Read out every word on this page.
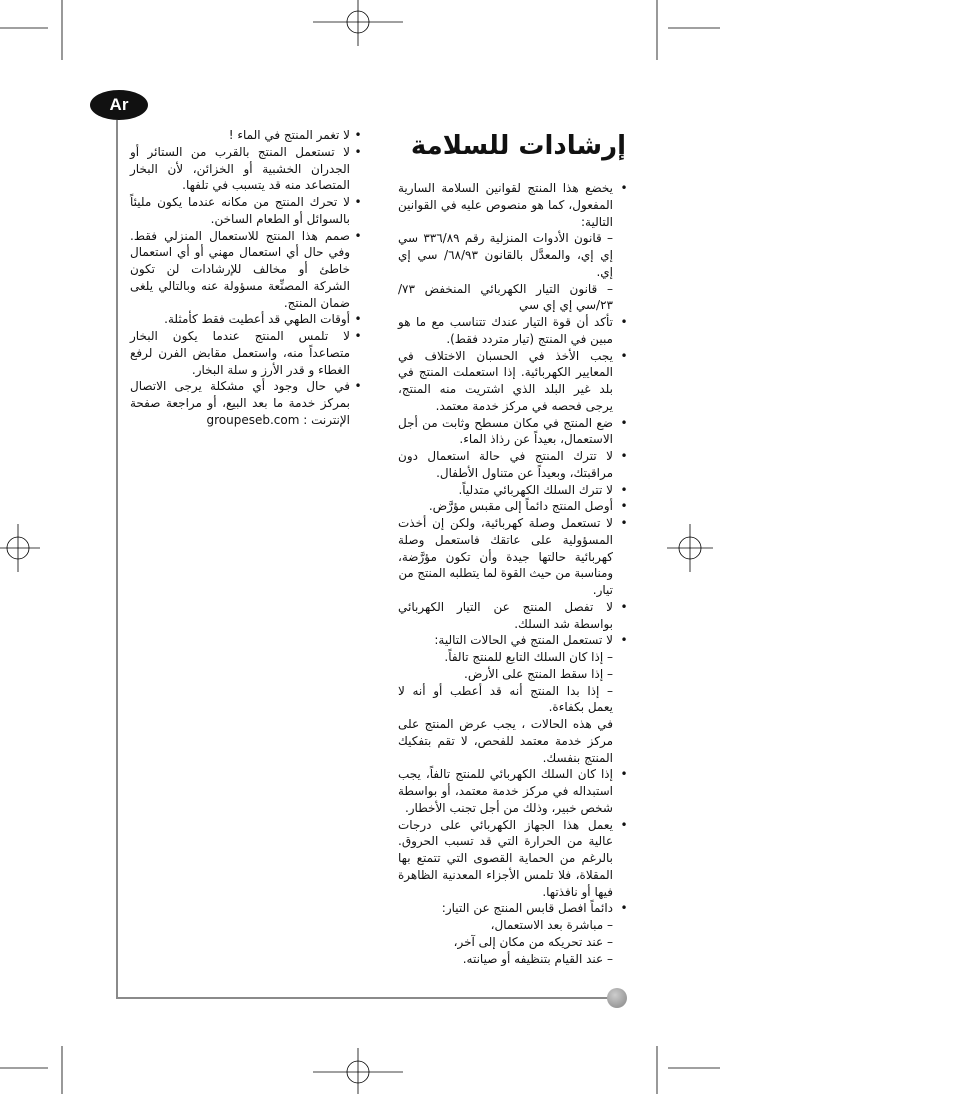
Ar
إرشادات للسلامة
•
يخضع هذا المنتج لقوانين السلامة السارية
المفعول، كما هو منصوص عليه في القوانين
التالية:
– قانون الأدوات المنزلية رقم ٣٣٦/٨٩ سي
إي إي، والمعدَّل بالقانون ٦٨/٩٣/ سي إي
إي.
– قانون التيار الكهربائي المنخفض ٧٣/
٢٣/سي إي إي سي
•
تأكد أن قوة التيار عندك تتناسب مع ما هو
مبين في المنتج (تيار متردد فقط).
•
يجب الأخذ في الحسبان الاختلاف في
المعايير الكهربائية. إذا استعملت المنتج في
بلد غير البلد الذي اشتريت منه المنتج،
يرجى فحصه في مركز خدمة معتمد.
•
ضع المنتج في مكان مسطح وثابت من أجل
الاستعمال، بعيداً عن رذاذ الماء.
•
لا تترك المنتج في حالة استعمال دون
مراقبتك، وبعيداً عن متناول الأطفال.
•
لا تترك السلك الكهربائي متدلياً.
•
أوصل المنتج دائماً إلى مقبس مؤرَّض.
•
لا تستعمل وصلة كهربائية، ولكن إن أخذت
المسؤولية على عاتقك فاستعمل وصلة
كهربائية حالتها جيدة وأن تكون مؤرَّضة،
ومناسبة من حيث القوة لما يتطلبه المنتج من
تيار.
•
لا تفصل المنتج عن التيار الكهربائي
بواسطة شد السلك.
•
لا تستعمل المنتج في الحالات التالية:
– إذا كان السلك التابع للمنتج تالفاً.
– إذا سقط المنتج على الأرض.
– إذا بدا المنتج أنه قد أعطب أو أنه لا
يعمل بكفاءة.
في هذه الحالات ، يجب عرض المنتج على
مركز خدمة معتمد للفحص، لا تقم بتفكيك
المنتج بنفسك.
•
إذا كان السلك الكهربائي للمنتج تالفاً، يجب
استبداله في مركز خدمة معتمد، أو بواسطة
شخص خبير، وذلك من أجل تجنب الأخطار.
•
يعمل هذا الجهاز الكهربائي على درجات
عالية من الحرارة التي قد تسبب الحروق.
بالرغم من الحماية القصوى التي تتمتع بها
المقلاة، فلا تلمس الأجزاء المعدنية الظاهرة
فيها أو نافذتها.
•
دائماً افصل قابس المنتج عن التيار:
– مباشرة بعد الاستعمال،
– عند تحريكه من مكان إلى آخر،
– عند القيام بتنظيفه أو صيانته.
•
لا تغمر المنتج في الماء !
•
لا تستعمل المنتج بالقرب من الستائر أو
الجدران الخشبية أو الخزائن، لأن البخار
المتصاعد منه قد يتسبب في تلفها.
•
لا تحرك المنتج من مكانه عندما يكون مليئاً
بالسوائل أو الطعام الساخن.
•
صمم هذا المنتج للاستعمال المنزلي فقط.
وفي حال أي استعمال مهني أو أي استعمال
خاطئ أو مخالف للإرشادات لن تكون
الشركة المصنِّعة مسؤولة عنه وبالتالي يلغى
ضمان المنتج.
•
أوقات الطهي قد أعطيت فقط كأمثلة.
•
لا تلمس المنتج عندما يكون البخار
متصاعداً منه، واستعمل مقابض الفرن لرفع
الغطاء و قدر الأرز و سلة البخار.
•
في حال وجود أي مشكلة يرجى الاتصال
بمركز خدمة ما بعد البيع، أو مراجعة صفحة
الإنترنت : groupeseb.com
